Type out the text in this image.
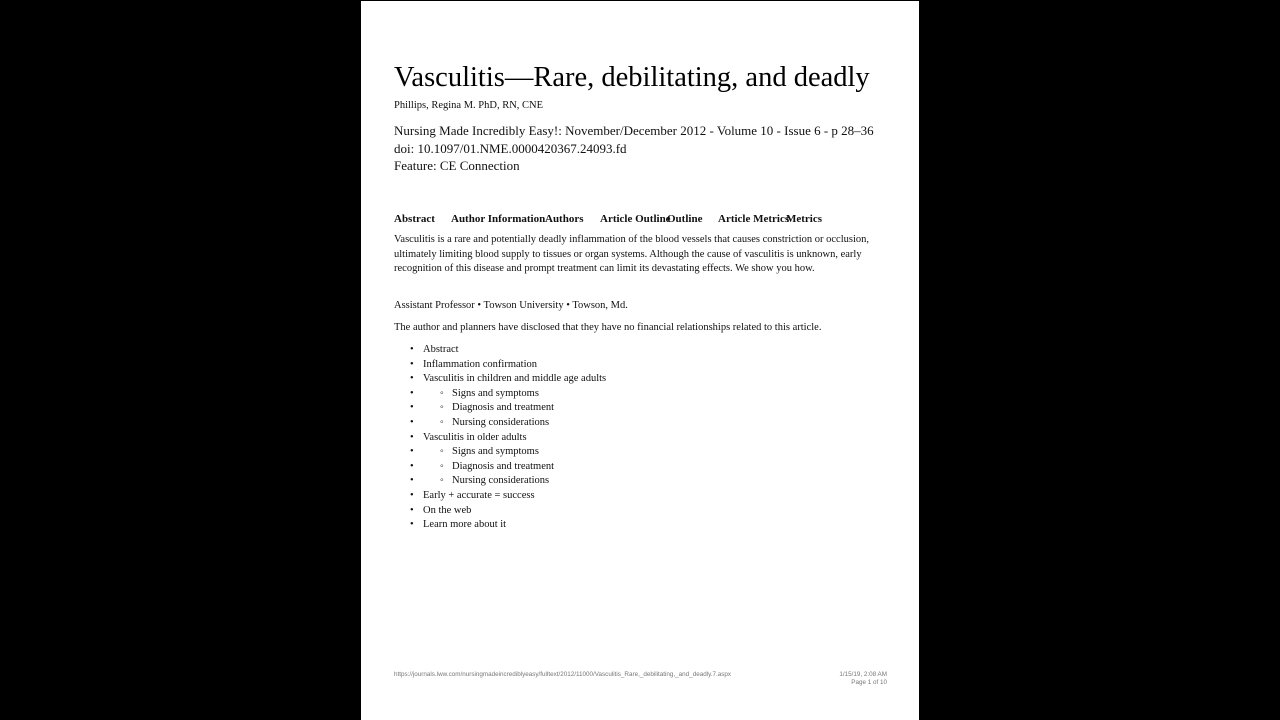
Vasculitis—Rare, debilitating, and deadly
Phillips, Regina M. PhD, RN, CNE
Nursing Made Incredibly Easy!: November/December 2012 - Volume 10 - Issue 6 - p 28–36
doi: 10.1097/01.NME.0000420367.24093.fd
Feature: CE Connection
Abstract Author Information Authors Article Outline
Outline Article Metrics
Metrics
Vasculitis is a rare and potentially deadly inflammation of the blood vessels that causes constriction or occlusion, ultimately limiting blood supply to tissues or organ systems. Although the cause of vasculitis is unknown, early recognition of this disease and prompt treatment can limit its devastating effects. We show you how.
Assistant Professor • Towson University • Towson, Md.
The author and planners have disclosed that they have no financial relationships related to this article.
• Abstract
• Inflammation confirmation
• Vasculitis in children and middle age adults
•	◦ Signs and symptoms
•	◦ Diagnosis and treatment
•	◦ Nursing considerations
• Vasculitis in older adults
•	◦ Signs and symptoms
•	◦ Diagnosis and treatment
•	◦ Nursing considerations
• Early + accurate = success
• On the web
• Learn more about it
https://journals.lww.com/nursingmadeincrediblyeasy/fulltext/2012/11000/Vasculitis_Rare,_debilitating,_and_deadly.7.aspx	1/15/19, 2:08 AM
Page 1 of 10
